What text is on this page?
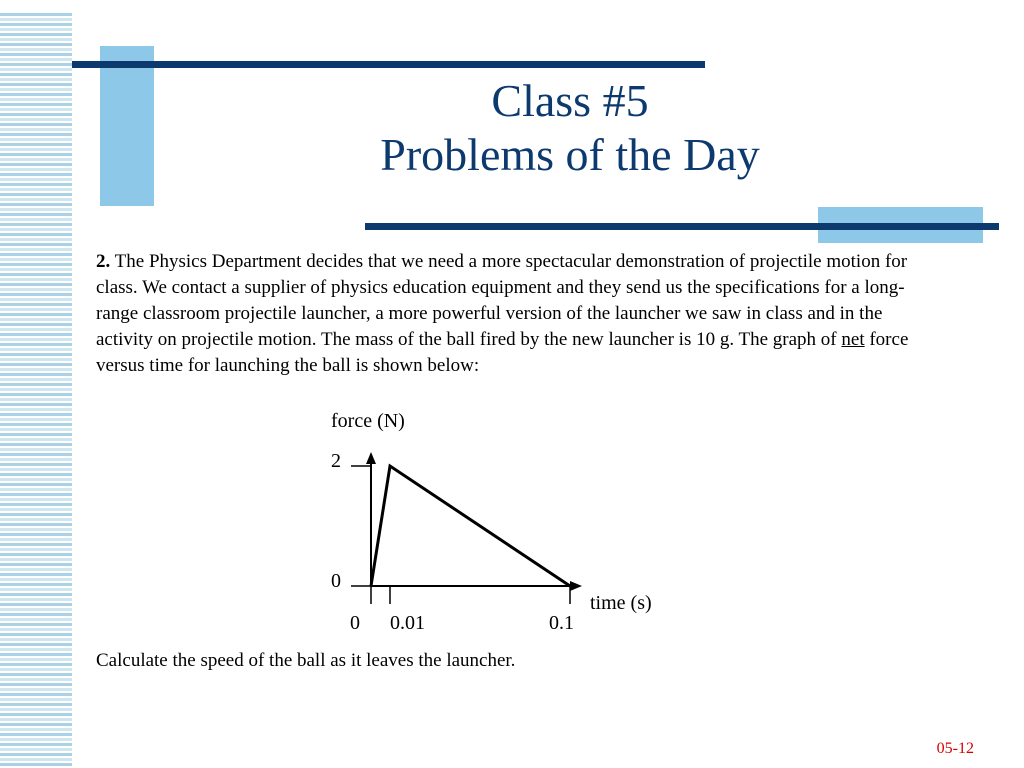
Class #5
Problems of the Day
2. The Physics Department decides that we need a more spectacular demonstration of projectile motion for class. We contact a supplier of physics education equipment and they send us the specifications for a long-range classroom projectile launcher, a more powerful version of the launcher we saw in class and in the activity on projectile motion. The mass of the ball fired by the new launcher is 10 g. The graph of net force versus time for launching the ball is shown below:
force (N)
time (s)
0
2
0 0.01	0.1
Calculate the speed of the ball as it leaves the launcher.
05-12
